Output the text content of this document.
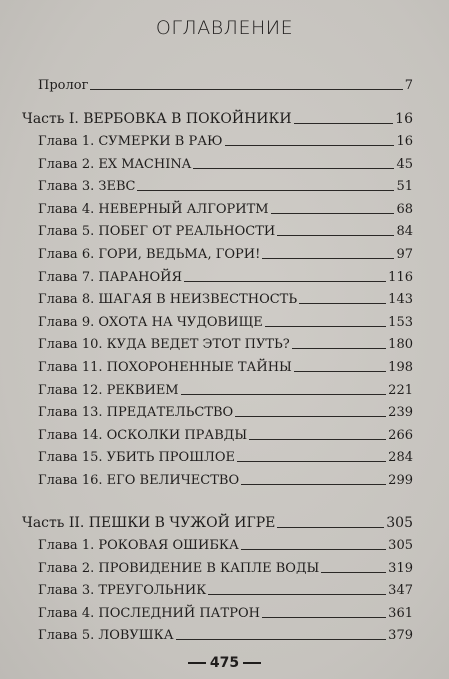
ОГЛАВЛЕНИЕ
Пролог	7
Часть I. ВЕРБОВКА В ПОКОЙНИКИ	16
Глава 1. СУМЕРКИ В РАЮ	16
Глава 2. EX MACHINA	45
Глава 3. ЗЕВС	51
Глава 4. НЕВЕРНЫЙ АЛГОРИТМ	68
Глава 5. ПОБЕГ ОТ РЕАЛЬНОСТИ	84
Глава 6. ГОРИ, ВЕДЬМА, ГОРИ!	97
Глава 7. ПАРАНОЙЯ	116
Глава 8. ШАГАЯ В НЕИЗВЕСТНОСТЬ	143
Глава 9. ОХОТА НА ЧУДОВИЩЕ	153
Глава 10. КУДА ВЕДЕТ ЭТОТ ПУТЬ?	180
Глава 11. ПОХОРОНЕННЫЕ ТАЙНЫ	198
Глава 12. РЕКВИЕМ	221
Глава 13. ПРЕДАТЕЛЬСТВО	239
Глава 14. ОСКОЛКИ ПРАВДЫ	266
Глава 15. УБИТЬ ПРОШЛОЕ	284
Глава 16. ЕГО ВЕЛИЧЕСТВО	299
Часть II. ПЕШКИ В ЧУЖОЙ ИГРЕ	305
Глава 1. РОКОВАЯ ОШИБКА	305
Глава 2. ПРОВИДЕНИЕ В КАПЛЕ ВОДЫ	319
Глава 3. ТРЕУГОЛЬНИК	347
Глава 4. ПОСЛЕДНИЙ ПАТРОН	361
Глава 5. ЛОВУШКА	379
475
